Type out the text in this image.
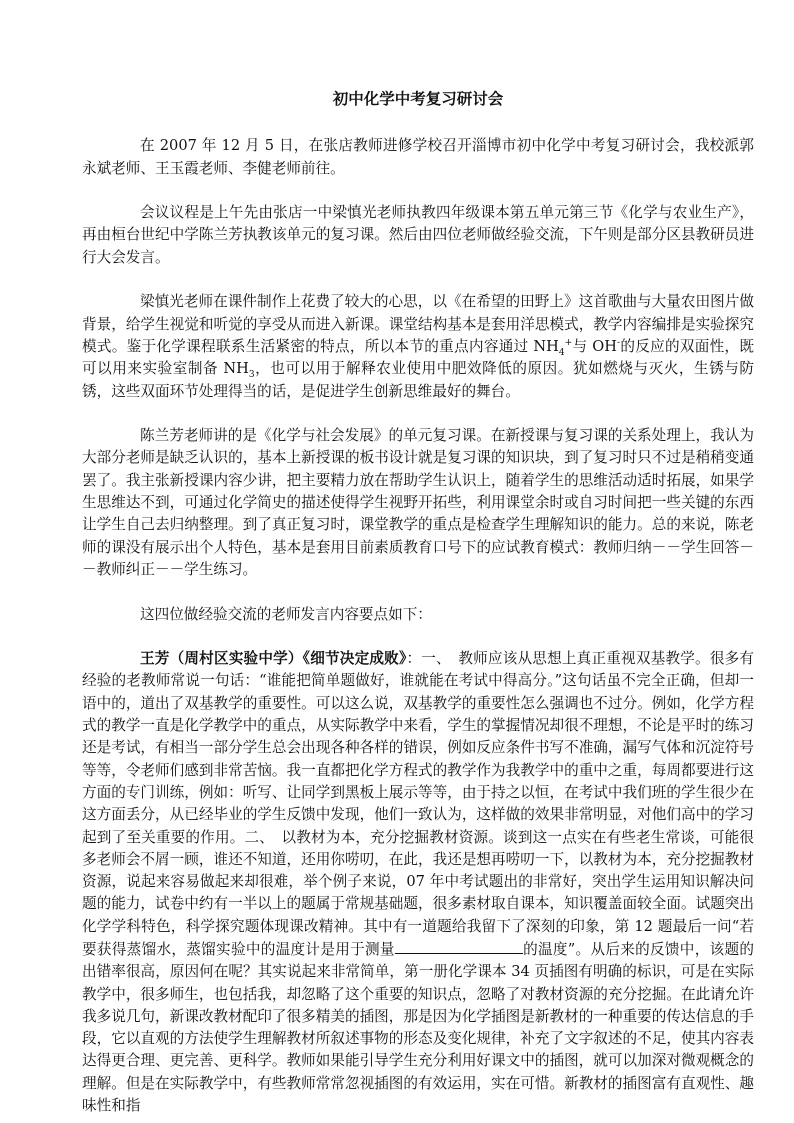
初中化学中考复习研讨会

在 2007 年 12 月 5 日，在张店教师进修学校召开淄博市初中化学中考复习研讨会，我校派郭永斌老师、王玉霞老师、李健老师前往。

会议议程是上午先由张店一中梁慎光老师执教四年级课本第五单元第三节《化学与农业生产》，再由桓台世纪中学陈兰芳执教该单元的复习课。然后由四位老师做经验交流，下午则是部分区县教研员进行大会发言。

梁慎光老师在课件制作上花费了较大的心思，以《在希望的田野上》这首歌曲与大量农田图片做背景，给学生视觉和听觉的享受从而进入新课。课堂结构基本是套用洋思模式，教学内容编排是实验探究模式。鉴于化学课程联系生活紧密的特点，所以本节的重点内容通过 $NH_4^+$与 OH-的反应的双面性，既可以用来实验室制备 $NH_3$，也可以用于解释农业使用中肥效降低的原因。犹如燃烧与灭火，生锈与防锈，这些双面环节处理得当的话，是促进学生创新思维最好的舞台。

陈兰芳老师讲的是《化学与社会发展》的单元复习课。在新授课与复习课的关系处理上，我认为大部分老师是缺乏认识的，基本上新授课的板书设计就是复习课的知识块，到了复习时只不过是稍稍变通罢了。我主张新授课内容少讲，把主要精力放在帮助学生认识上，随着学生的思维活动适时拓展，如果学生思维达不到，可通过化学简史的描述使得学生视野开拓些，利用课堂余时或自习时间把一些关键的东西让学生自己去归纳整理。到了真正复习时，课堂教学的重点是检查学生理解知识的能力。总的来说，陈老师的课没有展示出个人特色，基本是套用目前素质教育口号下的应试教育模式：教师归纳－－学生回答－－教师纠正－－学生练习。

这四位做经验交流的老师发言内容要点如下：

王芳（周村区实验中学）《细节决定成败》：一、　教师应该从思想上真正重视双基教学。很多有经验的老教师常说一句话：“谁能把简单题做好，谁就能在考试中得高分。”这句话虽不完全正确，但却一语中的，道出了双基教学的重要性。可以这么说，双基教学的重要性怎么强调也不过分。例如，化学方程式的教学一直是化学教学中的重点，从实际教学中来看，学生的掌握情况却很不理想，不论是平时的练习还是考试，有相当一部分学生总会出现各种各样的错误，例如反应条件书写不准确，漏写气体和沉淀符号等等，令老师们感到非常苦恼。我一直都把化学方程式的教学作为我教学中的重中之重，每周都要进行这方面的专门训练，例如：听写、让同学到黑板上展示等等，由于持之以恒，在考试中我们班的学生很少在这方面丢分，从已经毕业的学生反馈中发现，他们一致认为，这样做的效果非常明显，对他们高中的学习起到了至关重要的作用。二、　以教材为本，充分挖掘教材资源。谈到这一点实在有些老生常谈，可能很多老师会不屑一顾，谁还不知道，还用你唠叨，在此，我还是想再唠叨一下，以教材为本，充分挖掘教材资源，说起来容易做起来却很难，举个例子来说，07 年中考试题出的非常好，突出学生运用知识解决问题的能力，试卷中约有一半以上的题属于常规基础题，很多素材取自课本，知识覆盖面较全面。试题突出化学学科特色，科学探究题体现课改精神。其中有一道题给我留下了深刻的印象，第 12 题最后一问“若要获得蒸馏水，蒸馏实验中的温度计是用于测量	的温度”。从后来的反馈中，该题的出错率很高，原因何在呢？其实说起来非常简单，第一册化学课本 34 页插图有明确的标识，可是在实际教学中，很多师生，也包括我，却忽略了这个重要的知识点，忽略了对教材资源的充分挖掘。在此请允许我多说几句，新课改教材配印了很多精美的插图，那是因为化学插图是新教材的一种重要的传达信息的手段，它以直观的方法使学生理解教材所叙述事物的形态及变化规律，补充了文字叙述的不足，使其内容表达得更合理、更完善、更科学。教师如果能引导学生充分利用好课文中的插图，就可以加深对微观概念的理解。但是在实际教学中，有些教师常常忽视插图的有效运用，实在可惜。新教材的插图富有直观性、趣味性和指
